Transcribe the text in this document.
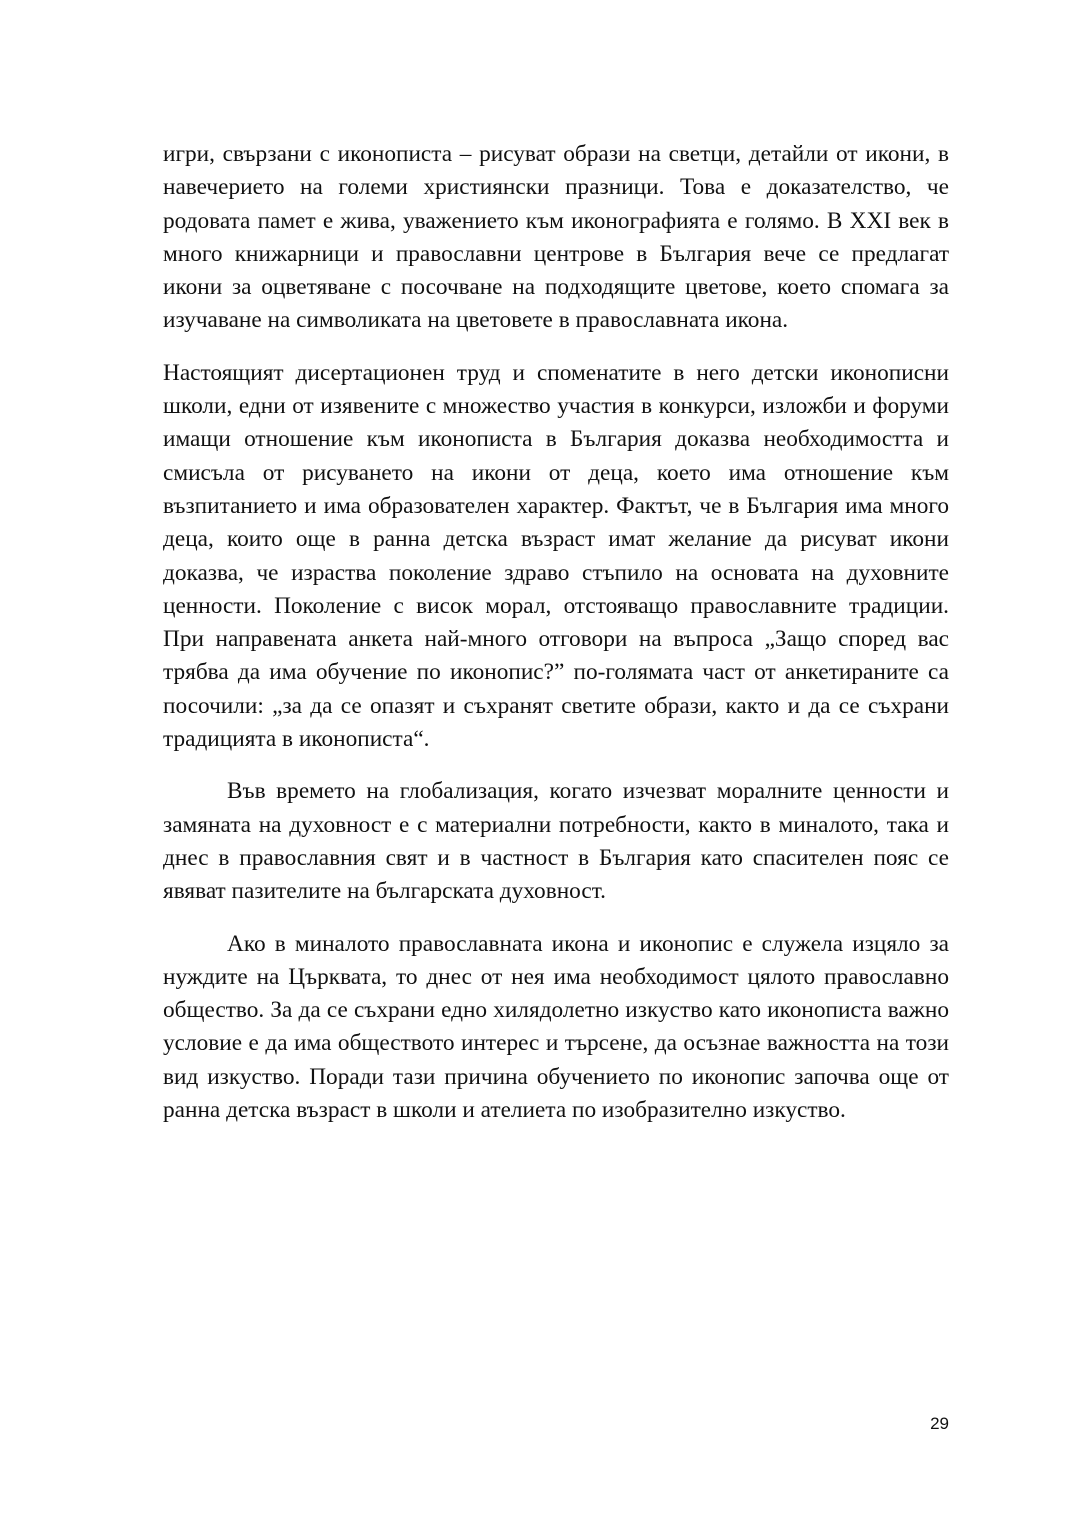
игри, свързани с иконописта – рисуват образи на светци, детайли от икони, в навечерието на големи християнски празници. Това е доказателство, че родовата памет е жива, уважението към иконографията е голямо. В XXI век в много книжарници и православни центрове в България вече се предлагат икони за оцветяване с посочване на подходящите цветове, което спомага за изучаване на символиката на цветовете в православната икона.

Настоящият дисертационен труд и споменатите в него детски иконописни школи, едни от изявените с множество участия в конкурси, изложби и форуми имащи отношение към иконописта в България доказва необходимостта и смисъла от рисуването на икони от деца, което има отношение към възпитанието и има образователен характер. Фактът, че в България има много деца, които още в ранна детска възраст имат желание да рисуват икони доказва, че израства поколение здраво стъпило на основата на духовните ценности. Поколение с висок морал, отстояващо православните традиции. При направената анкета най-много отговори на въпроса „Защо според вас трябва да има обучение по иконопис?” по-голямата част от анкетираните са посочили: „за да се опазят и съхранят светите образи, както и да се съхрани традицията в иконописта“.

Във времето на глобализация, когато изчезват моралните ценности и замяната на духовност е с материални потребности, както в миналото, така и днес в православния свят и в частност в България като спасителен пояс се явяват пазителите на българската духовност.

Ако в миналото православната икона и иконопис е служела изцяло за нуждите на Църквата, то днес от нея има необходимост цялото православно общество. За да се съхрани едно хилядолетно изкуство като иконописта важно условие е да има обществото интерес и търсене, да осъзнае важността на този вид изкуство. Поради тази причина обучението по иконопис започва още от ранна детска възраст в школи и ателиета по изобразително изкуство.

29
